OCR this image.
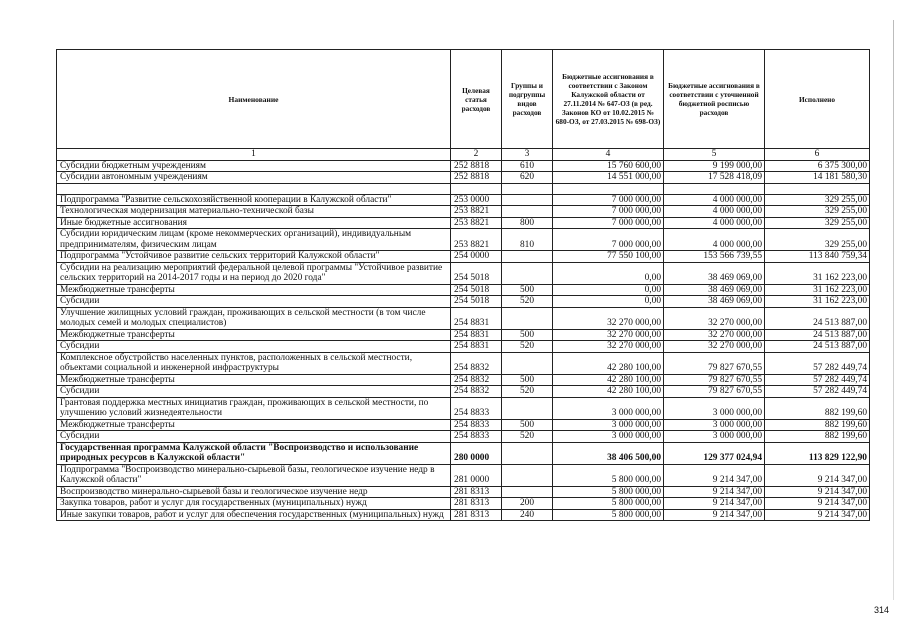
Наименование	Целевая статья расходов	Группы и подгруппы видов расходов	Бюджетные ассигнования в соответствии с Законом Калужской области от 27.11.2014 № 647-ОЗ (в ред. Законов КО от 10.02.2015 № 680-ОЗ, от 27.03.2015 № 698-ОЗ)	Бюджетные ассигнования в соответствии с уточненной бюджетной росписью расходов	Исполнено
1	2	3	4	5	6
Субсидии бюджетным учреждениям	252 8818	610	15 760 600,00	9 199 000,00	6 375 300,00
Субсидии автономным учреждениям	252 8818	620	14 551 000,00	17 528 418,09	14 181 580,30

Подпрограмма "Развитие сельскохозяйственной кооперации в Калужской области"	253 0000		7 000 000,00	4 000 000,00	329 255,00
Технологическая модернизация материально-технической базы	253 8821		7 000 000,00	4 000 000,00	329 255,00
Иные бюджетные ассигнования	253 8821	800	7 000 000,00	4 000 000,00	329 255,00
Субсидии юридическим лицам (кроме некоммерческих организаций), индивидуальным предпринимателям, физическим лицам	253 8821	810	7 000 000,00	4 000 000,00	329 255,00
Подпрограмма "Устойчивое развитие сельских территорий Калужской области"	254 0000		77 550 100,00	153 566 739,55	113 840 759,34
Субсидии на реализацию мероприятий федеральной целевой программы "Устойчивое развитие сельских территорий на 2014-2017 годы и на период до 2020 года"	254 5018		0,00	38 469 069,00	31 162 223,00
Межбюджетные трансферты	254 5018	500	0,00	38 469 069,00	31 162 223,00
Субсидии	254 5018	520	0,00	38 469 069,00	31 162 223,00
Улучшение жилищных условий граждан, проживающих в сельской местности (в том числе молодых семей и молодых специалистов)	254 8831		32 270 000,00	32 270 000,00	24 513 887,00
Межбюджетные трансферты	254 8831	500	32 270 000,00	32 270 000,00	24 513 887,00
Субсидии	254 8831	520	32 270 000,00	32 270 000,00	24 513 887,00
Комплексное обустройство населенных пунктов, расположенных в сельской местности, объектами социальной и инженерной инфраструктуры	254 8832		42 280 100,00	79 827 670,55	57 282 449,74
Межбюджетные трансферты	254 8832	500	42 280 100,00	79 827 670,55	57 282 449,74
Субсидии	254 8832	520	42 280 100,00	79 827 670,55	57 282 449,74
Грантовая поддержка местных инициатив граждан, проживающих в сельской местности, по улучшению условий жизнедеятельности	254 8833		3 000 000,00	3 000 000,00	882 199,60
Межбюджетные трансферты	254 8833	500	3 000 000,00	3 000 000,00	882 199,60
Субсидии	254 8833	520	3 000 000,00	3 000 000,00	882 199,60
Государственная программа Калужской области "Воспроизводство и использование природных ресурсов в Калужской области"	280 0000		38 406 500,00	129 377 024,94	113 829 122,90
Подпрограмма "Воспроизводство минерально-сырьевой базы, геологическое изучение недр в Калужской области"	281 0000		5 800 000,00	9 214 347,00	9 214 347,00
Воспроизводство минерально-сырьевой базы и геологическое изучение недр	281 8313		5 800 000,00	9 214 347,00	9 214 347,00
Закупка товаров, работ и услуг для государственных (муниципальных) нужд	281 8313	200	5 800 000,00	9 214 347,00	9 214 347,00
Иные закупки товаров, работ и услуг для обеспечения государственных (муниципальных) нужд	281 8313	240	5 800 000,00	9 214 347,00	9 214 347,00
314
